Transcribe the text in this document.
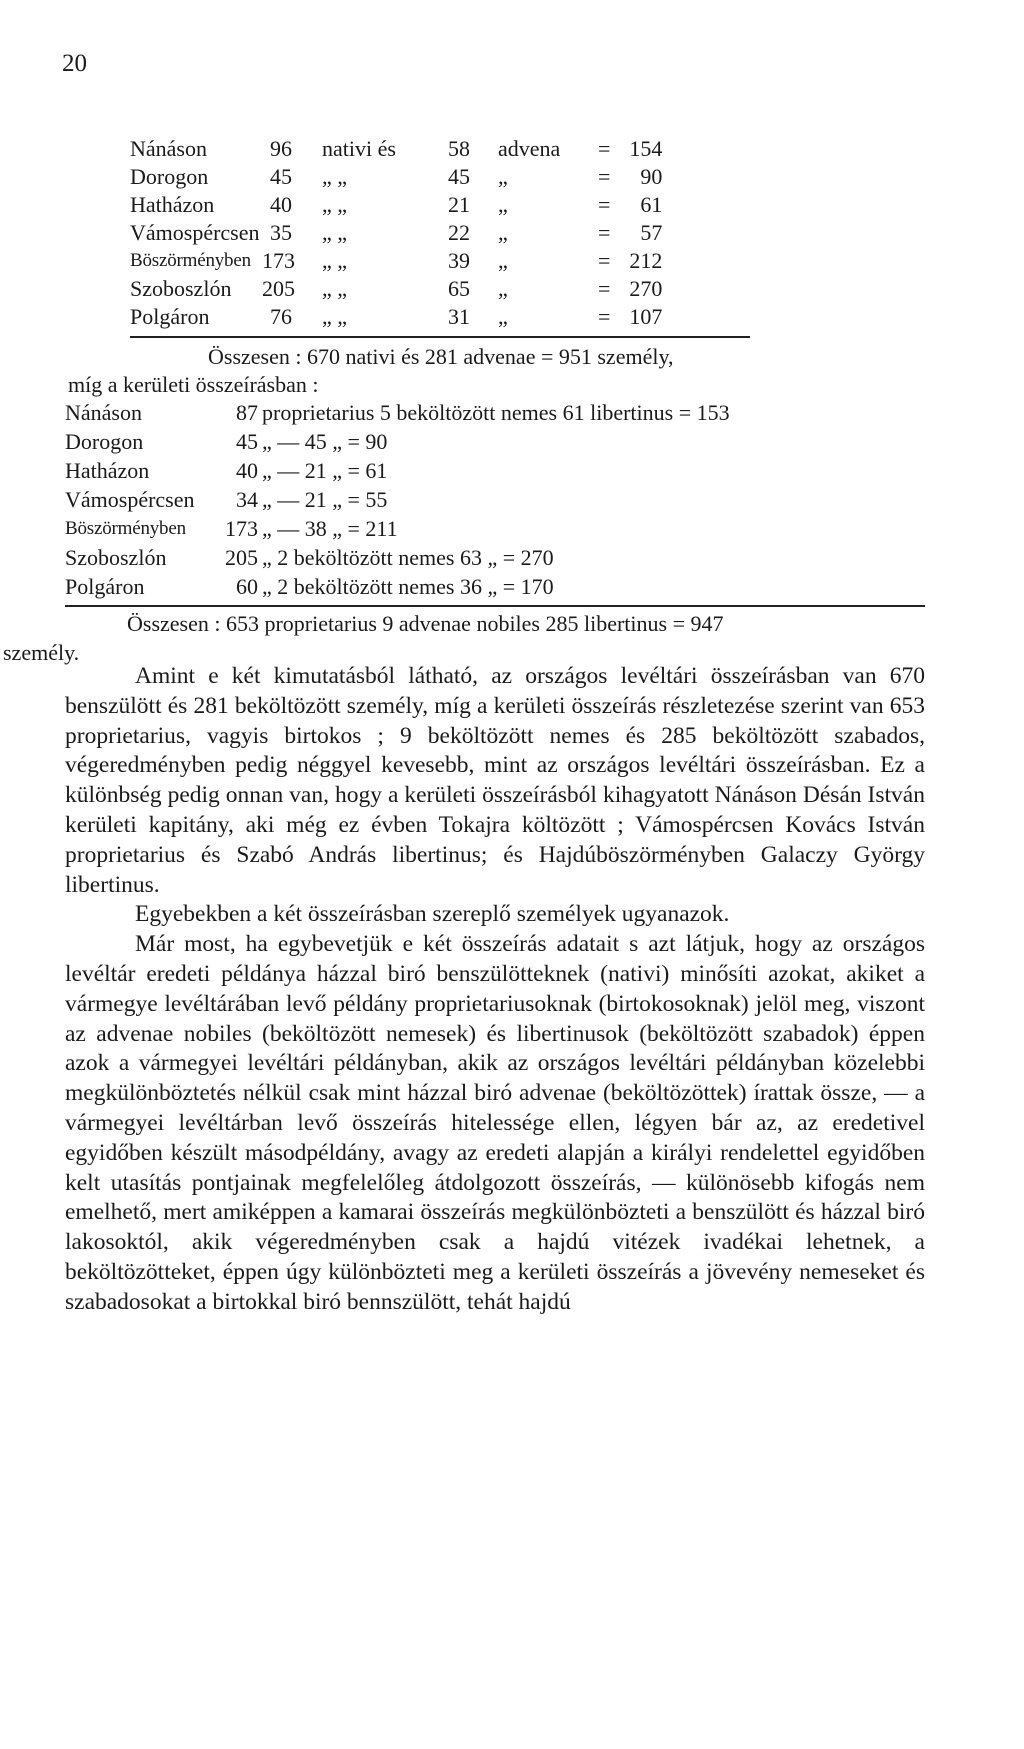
20
Nánáson	96	nativi és	58	advena	= 154
Dorogon	45	„ „	45	„	=	90
Hatházon	40	„ „	21	„	=	61
Vámospércsen 35	„ „	22	„	=	57
Böszörményben 173	„ „	39	„	= 212
Szoboszlón	205	„ „	65	„	= 270
Polgáron	76	„ „	31	„	= 107
Összesen : 670 nativi és 281 advenae = 951 személy,
míg a kerületi összeírásban :
Nánáson	87 proprietarius 5 beköltözött nemes 61 libertinus = 153
Dorogon	45 „ — 45 „ = 90
Hatházon	40 „ — 21 „ = 61
Vámospércsen	34 „ — 21 „ = 55
Böszörményben	173 „ — 38 „ = 211
Szoboszlón	205 „ 2 beköltözött nemes 63 „ = 270
Polgáron	60 „ 2 beköltözött nemes 36 „ = 170
Összesen : 653 proprietarius 9 advenae nobiles 285 libertinus = 947
személy.

Amint e két kimutatásból látható, az országos levéltári összeírásban van 670 benszülött és 281 beköltözött személy, míg a kerületi összeírás részletezése szerint van 653 proprietarius, vagyis birtokos ; 9 beköltözött nemes és 285 beköltözött szabados, végeredményben pedig néggyel kevesebb, mint az országos levéltári összeírásban. Ez a különbség pedig onnan van, hogy a kerületi összeírásból kihagyatott Nánáson Désán István kerületi kapitány, aki még ez évben Tokajra költözött ; Vámospércsen Kovács István proprietarius és Szabó András libertinus; és Hajdúböszörményben Galaczy György libertinus.

Egyebekben a két összeírásban szereplő személyek ugyanazok.

Már most, ha egybevetjük e két összeírás adatait s azt látjuk, hogy az országos levéltár eredeti példánya házzal biró benszülötteknek (nativi) minősíti azokat, akiket a vármegye levéltárában levő példány proprietariusoknak (birtokosoknak) jelöl meg, viszont az advenae nobiles (beköltözött nemesek) és libertinusok (beköltözött szabadok) éppen azok a vármegyei levéltári példányban, akik az országos levéltári példányban közelebbi megkülönböztetés nélkül csak mint házzal biró advenae (beköltözöttek) írattak össze, — a vármegyei levéltárban levő összeírás hitelessége ellen, légyen bár az, az eredetivel egyidőben készült másodpéldány, avagy az eredeti alapján a királyi rendelettel egyidőben kelt utasítás pontjainak megfelelőleg átdolgozott összeírás, — különösebb kifogás nem emelhető, mert amiképpen a kamarai összeírás megkülönbözteti a benszülött és házzal biró lakosoktól, akik végeredményben csak a hajdú vitézek ivadékai lehetnek, a beköltözötteket, éppen úgy különbözteti meg a kerületi összeírás a jövevény nemeseket és szabadosokat a birtokkal biró bennszülött, tehát hajdú
